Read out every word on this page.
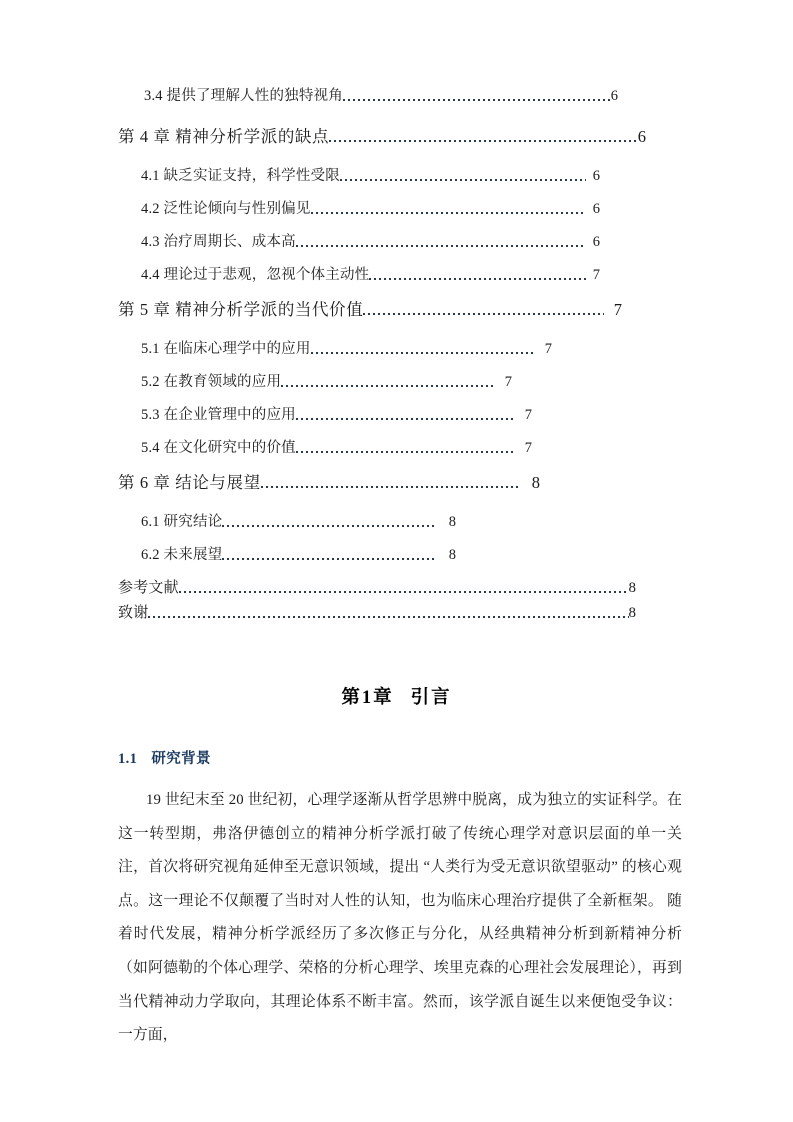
3.4 提供了理解人性的独特视角	6
第 4 章 精神分析学派的缺点	6
4.1 缺乏实证支持，科学性受限	6
4.2 泛性论倾向与性别偏见	6
4.3 治疗周期长、成本高	6
4.4 理论过于悲观，忽视个体主动性	7
第 5 章 精神分析学派的当代价值	7
5.1 在临床心理学中的应用	7
5.2 在教育领域的应用	7
5.3 在企业管理中的应用	7
5.4 在文化研究中的价值	7
第 6 章 结论与展望	8
6.1 研究结论	8
6.2 未来展望	8
参考文献	8
致谢	8
第1章 引言
1.1 研究背景
19 世纪末至 20 世纪初，心理学逐渐从哲学思辨中脱离，成为独立的实证科学。在这一转型期，弗洛伊德创立的精神分析学派打破了传统心理学对意识层面的单一关注，首次将研究视角延伸至无意识领域，提出 “人类行为受无意识欲望驱动” 的核心观点。这一理论不仅颠覆了当时对人性的认知，也为临床心理治疗提供了全新框架。 随着时代发展，精神分析学派经历了多次修正与分化，从经典精神分析到新精神分析（如阿德勒的个体心理学、荣格的分析心理学、埃里克森的心理社会发展理论），再到当代精神动力学取向，其理论体系不断丰富。然而，该学派自诞生以来便饱受争议：一方面，
